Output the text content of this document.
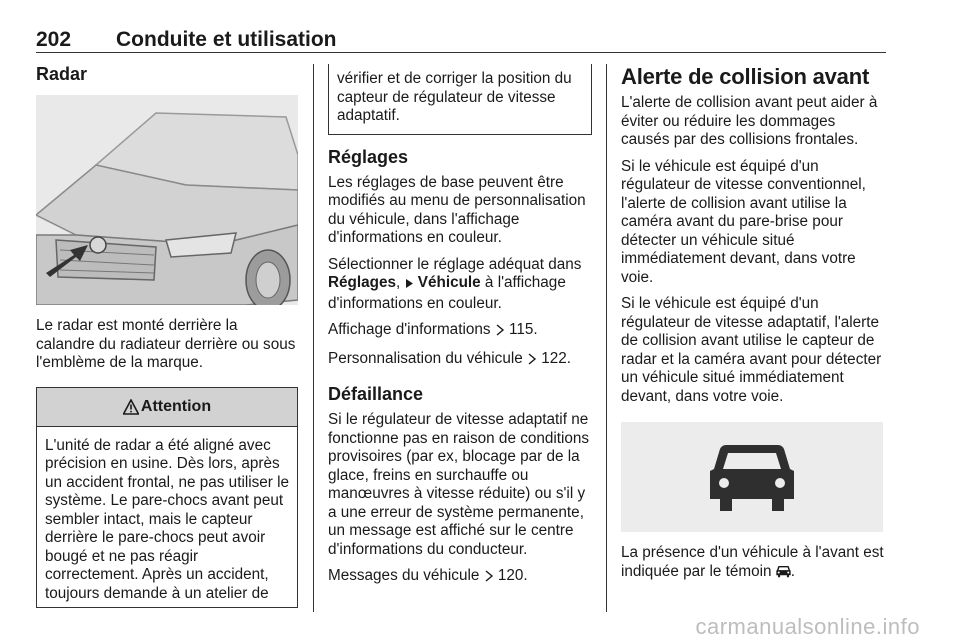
202 Conduite et utilisation
Radar

Le radar est monté derrière la calandre du radiateur derrière ou sous l'emblème de la marque.

Attention

L'unité de radar a été aligné avec précision en usine. Dès lors, après un accident frontal, ne pas utiliser le système. Le pare-chocs avant peut sembler intact, mais le capteur derrière le pare-chocs peut avoir bougé et ne pas réagir correctement. Après un accident, toujours demande à un atelier de

vérifier et de corriger la position du capteur de régulateur de vitesse adaptatif.

Réglages

Les réglages de base peuvent être modifiés au menu de personnalisation du véhicule, dans l'affichage d'informations en couleur.

Sélectionner le réglage adéquat dans Réglages,  Véhicule à l'affichage d'informations en couleur.

Affichage d'informations 115.

Personnalisation du véhicule 122.

Défaillance

Si le régulateur de vitesse adaptatif ne fonctionne pas en raison de conditions provisoires (par ex, blocage par de la glace, freins en surchauffe ou manœuvres à vitesse réduite) ou s'il y a une erreur de système permanente, un message est affiché sur le centre d'informations du conducteur.

Messages du véhicule 120.

Alerte de collision avant

L'alerte de collision avant peut aider à éviter ou réduire les dommages causés par des collisions frontales.

Si le véhicule est équipé d'un régulateur de vitesse conventionnel, l'alerte de collision avant utilise la caméra avant du pare-brise pour détecter un véhicule situé immédiatement devant, dans votre voie.

Si le véhicule est équipé d'un régulateur de vitesse adaptatif, l'alerte de collision avant utilise le capteur de radar et la caméra avant pour détecter un véhicule situé immédiatement devant, dans votre voie.

La présence d'un véhicule à l'avant est indiquée par le témoin .

carmanualsonline.info
